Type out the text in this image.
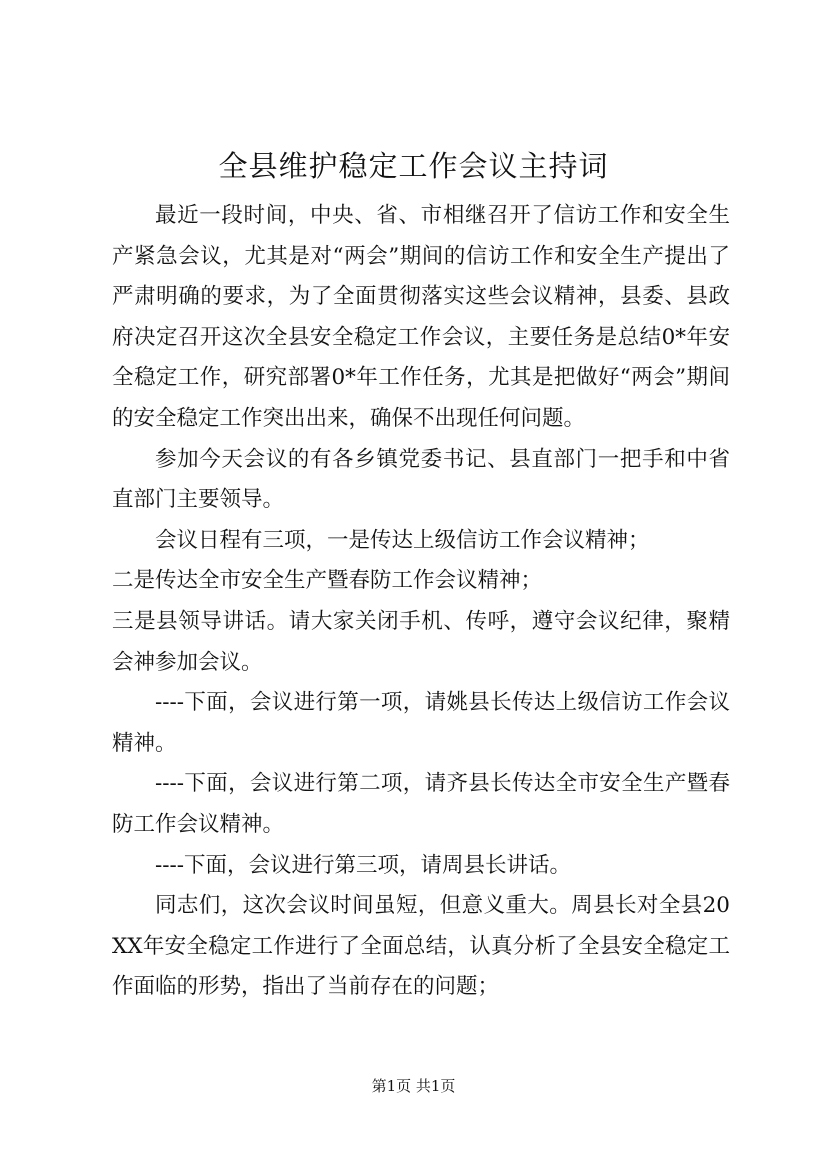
全县维护稳定工作会议主持词

最近一段时间，中央、省、市相继召开了信访工作和安全生产紧急会议，尤其是对“两会”期间的信访工作和安全生产提出了严肃明确的要求，为了全面贯彻落实这些会议精神，县委、县政府决定召开这次全县安全稳定工作会议，主要任务是总结0*年安全稳定工作，研究部署0*年工作任务，尤其是把做好“两会”期间的安全稳定工作突出出来，确保不出现任何问题。

参加今天会议的有各乡镇党委书记、县直部门一把手和中省直部门主要领导。

会议日程有三项，一是传达上级信访工作会议精神；

二是传达全市安全生产暨春防工作会议精神；

三是县领导讲话。请大家关闭手机、传呼，遵守会议纪律，聚精会神参加会议。

----下面，会议进行第一项，请姚县长传达上级信访工作会议精神。

----下面，会议进行第二项，请齐县长传达全市安全生产暨春防工作会议精神。

----下面，会议进行第三项，请周县长讲话。

同志们，这次会议时间虽短，但意义重大。周县长对全县20XX年安全稳定工作进行了全面总结，认真分析了全县安全稳定工作面临的形势，指出了当前存在的问题；

第1页 共1页
